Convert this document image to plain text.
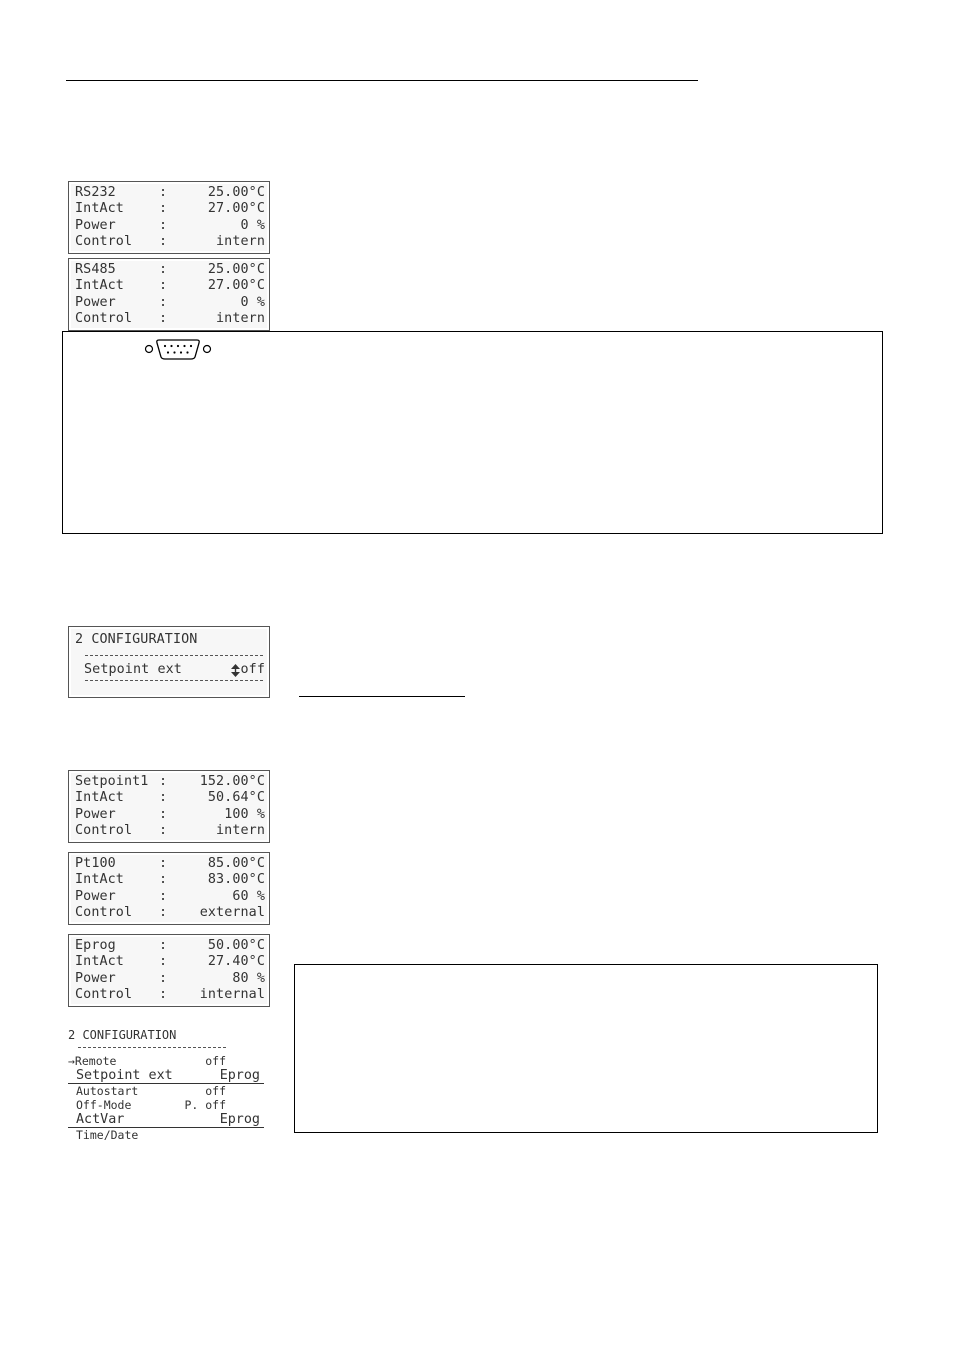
RS232	:	25.00°C
IntAct	:	27.00°C
Power	:	0 %
Control	:	intern
RS485	:	25.00°C
IntAct	:	27.00°C
Power	:	0 %
Control	:	intern
2 CONFIGURATION
Setpoint ext	off
Setpoint1 :	152.00°C
IntAct	:	50.64°C
Power	:	100 %
Control	:	intern
Pt100	:	85.00°C
IntAct	:	83.00°C
Power	:	60 %
Control	:	external
Eprog	:	50.00°C
IntAct	:	27.40°C
Power	:	80 %
Control	:	internal
2 CONFIGURATION
→Remote	off
Setpoint ext	Eprog
Autostart	off
Off-Mode	P. off
ActVar	Eprog
Time/Date
